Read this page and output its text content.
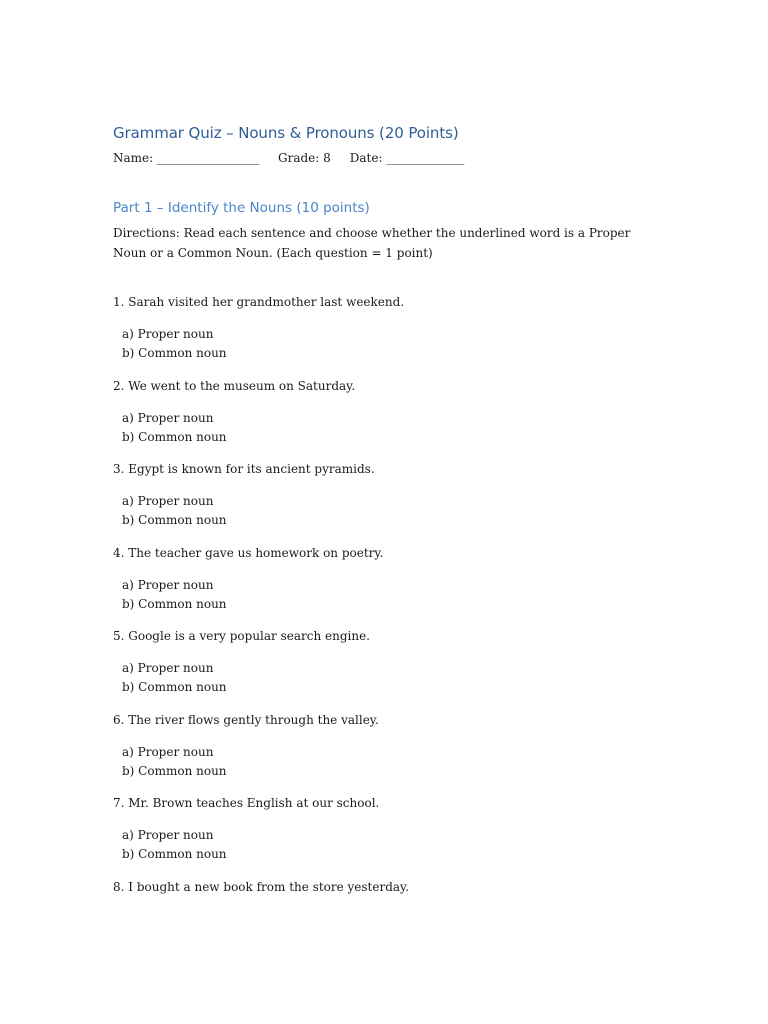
Grammar Quiz – Nouns & Pronouns (20 Points)
Name: _________________ Grade: 8 Date: _____________
Part 1 – Identify the Nouns (10 points)

Directions: Read each sentence and choose whether the underlined word is a Proper Noun or a Common Noun. (Each question = 1 point)

1. Sarah visited her grandmother last weekend.
a) Proper noun
b) Common noun
2. We went to the museum on Saturday.
a) Proper noun
b) Common noun
3. Egypt is known for its ancient pyramids.
a) Proper noun
b) Common noun
4. The teacher gave us homework on poetry.
a) Proper noun
b) Common noun
5. Google is a very popular search engine.
a) Proper noun
b) Common noun
6. The river flows gently through the valley.
a) Proper noun
b) Common noun
7. Mr. Brown teaches English at our school.
a) Proper noun
b) Common noun
8. I bought a new book from the store yesterday.
